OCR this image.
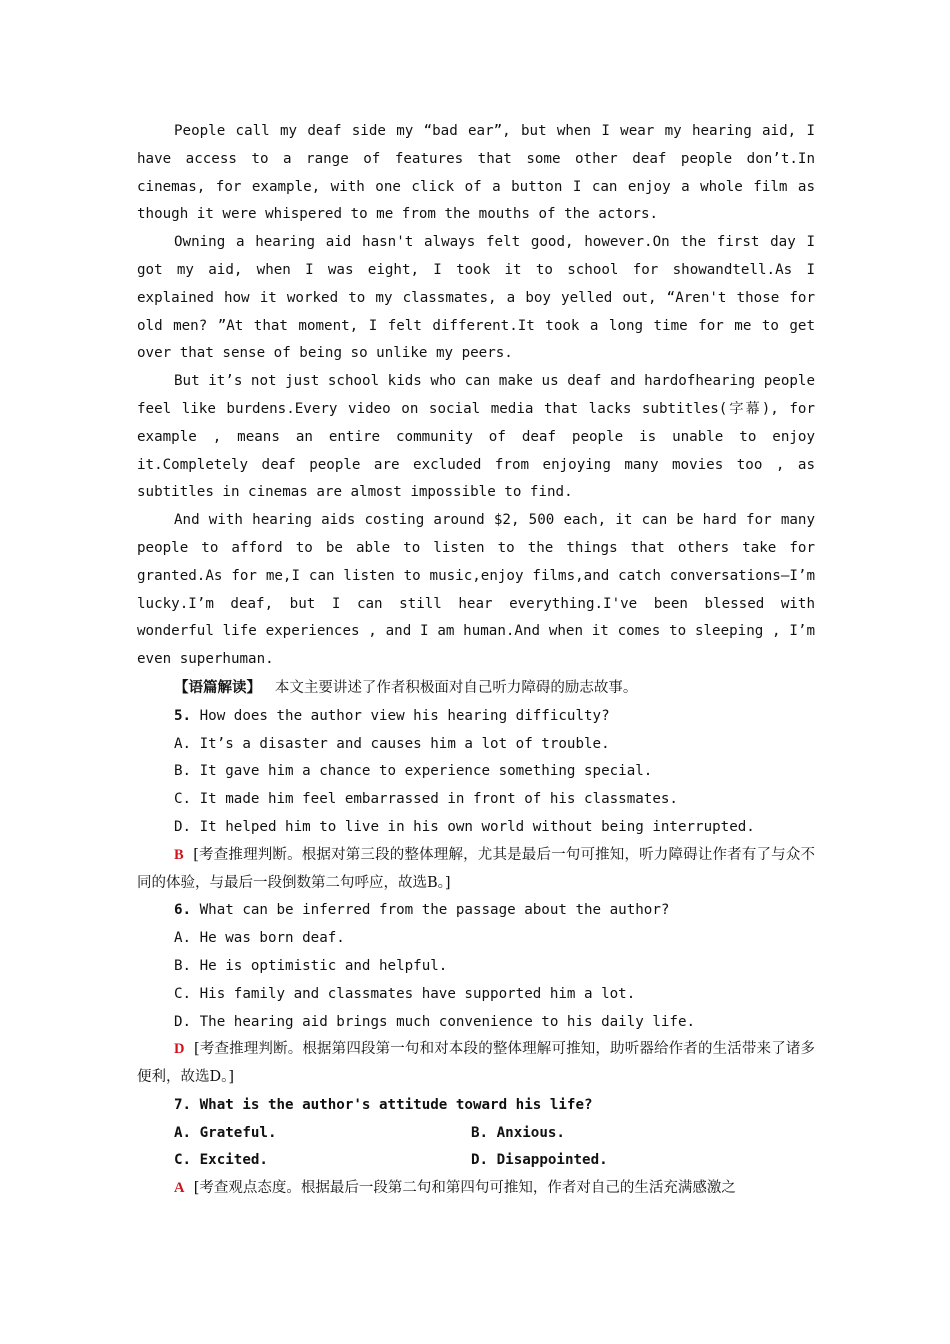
People call my deaf side my “bad ear”, but when I wear my hearing aid, I have access to a range of features that some other deaf people don’t.In cinemas, for example, with one click of a button I can enjoy a whole film as though it were whispered to me from the mouths of the actors.

Owning a hearing aid hasn't always felt good, however.On the first day I got my aid, when I was eight, I took it to school for showandtell.As I explained how it worked to my classmates, a boy yelled out, “Aren't those for old men? ”At that moment, I felt different.It took a long time for me to get over that sense of being so unlike my peers.

But it’s not just school kids who can make us deaf and hardofhearing people feel like burdens.Every video on social media that lacks subtitles(字幕), for example , means an entire community of deaf people is unable to enjoy it.Completely deaf people are excluded from enjoying many movies too , as subtitles in cinemas are almost impossible to find.

And with hearing aids costing around $2, 500 each, it can be hard for many people to afford to be able to listen to the things that others take for granted.As for me,I can listen to music,enjoy films,and catch conversations—I’m lucky.I’m deaf, but I can still hear everything.I've been blessed with wonderful life experiences , and I am human.And when it comes to sleeping , I’m even superhuman.

【语篇解读】 本文主要讲述了作者积极面对自己听力障碍的励志故事。

5. How does the author view his hearing difficulty?

A. It’s a disaster and causes him a lot of trouble.

B. It gave him a chance to experience something special.

C. It made him feel embarrassed in front of his classmates.

D. It helped him to live in his own world without being interrupted.

B [考查推理判断。根据对第三段的整体理解，尤其是最后一句可推知，听力障碍让作者有了与众不同的体验，与最后一段倒数第二句呼应，故选B。]

6. What can be inferred from the passage about the author?

A. He was born deaf.

B. He is optimistic and helpful.

C. His family and classmates have supported him a lot.

D. The hearing aid brings much convenience to his daily life.

D [考查推理判断。根据第四段第一句和对本段的整体理解可推知，助听器给作者的生活带来了诸多便利，故选D。]

7. What is the author's attitude toward his life?

A. Grateful.	B. Anxious.
C. Excited.	D. Disappointed.

A [考查观点态度。根据最后一段第二句和第四句可推知，作者对自己的生活充满感激之
